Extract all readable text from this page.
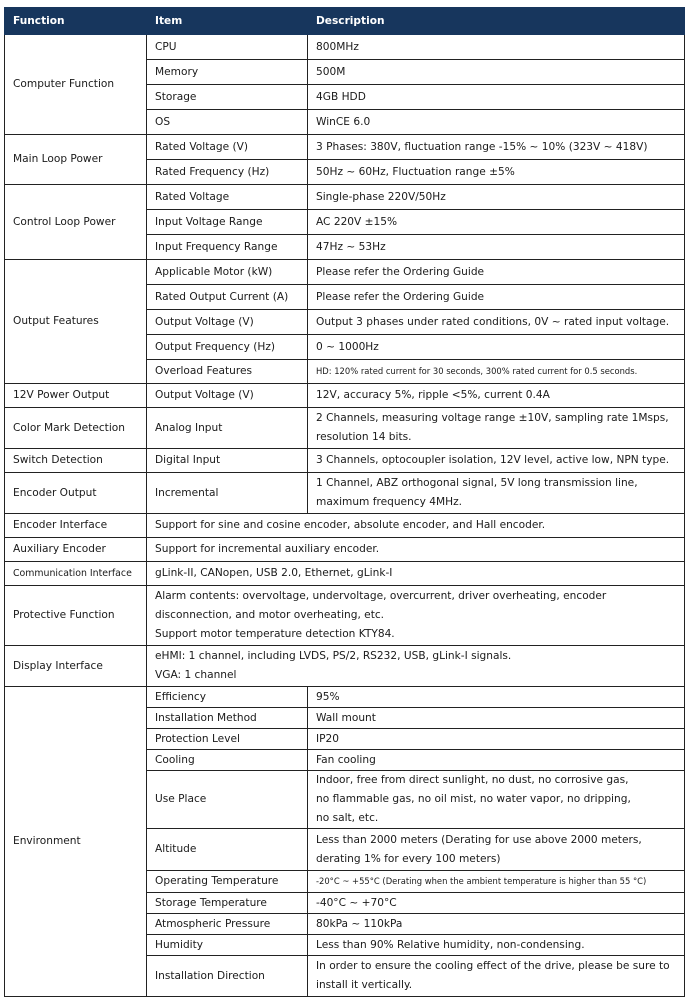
Function	Item	Description
Computer Function	CPU	800MHz
	Memory	500M
	Storage	4GB HDD
	OS	WinCE 6.0
Main Loop Power	Rated Voltage (V)	3 Phases: 380V, fluctuation range -15% ~ 10% (323V ~ 418V)
	Rated Frequency (Hz)	50Hz ~ 60Hz, Fluctuation range ±5%
Control Loop Power	Rated Voltage	Single-phase 220V/50Hz
	Input Voltage Range	AC 220V ±15%
	Input Frequency Range	47Hz ~ 53Hz
Output Features	Applicable Motor (kW)	Please refer the Ordering Guide
	Rated Output Current (A)	Please refer the Ordering Guide
	Output Voltage (V)	Output 3 phases under rated conditions, 0V ~ rated input voltage.
	Output Frequency (Hz)	0 ~ 1000Hz
	Overload Features	HD: 120% rated current for 30 seconds, 300% rated current for 0.5 seconds.
12V Power Output	Output Voltage (V)	12V, accuracy 5%, ripple <5%, current 0.4A
Color Mark Detection	Analog Input	2 Channels, measuring voltage range ±10V, sampling rate 1Msps,
resolution 14 bits.
Switch Detection	Digital Input	3 Channels, optocoupler isolation, 12V level, active low, NPN type.
Encoder Output	Incremental	1 Channel, ABZ orthogonal signal, 5V long transmission line,
maximum frequency 4MHz.
Encoder Interface	Support for sine and cosine encoder, absolute encoder, and Hall encoder.	
Auxiliary Encoder	Support for incremental auxiliary encoder.	
Communication Interface	gLink-II, CANopen, USB 2.0, Ethernet, gLink-I	
Protective Function	Alarm contents: overvoltage, undervoltage, overcurrent, driver overheating, encoder
disconnection, and motor overheating, etc.
Support motor temperature detection KTY84.	
Display Interface	eHMI: 1 channel, including LVDS, PS/2, RS232, USB, gLink-I signals.
VGA: 1 channel	
Environment	Efficiency	95%
	Installation Method	Wall mount
	Protection Level	IP20
	Cooling	Fan cooling
	Use Place	Indoor, free from direct sunlight, no dust, no corrosive gas,
no flammable gas, no oil mist, no water vapor, no dripping,
no salt, etc.
	Altitude	Less than 2000 meters (Derating for use above 2000 meters,
derating 1% for every 100 meters)
	Operating Temperature	-20°C ~ +55°C (Derating when the ambient temperature is higher than 55 °C)
	Storage Temperature	-40°C ~ +70°C
	Atmospheric Pressure	80kPa ~ 110kPa
	Humidity	Less than 90% Relative humidity, non-condensing.
	Installation Direction	In order to ensure the cooling effect of the drive, please be sure to
install it vertically.
